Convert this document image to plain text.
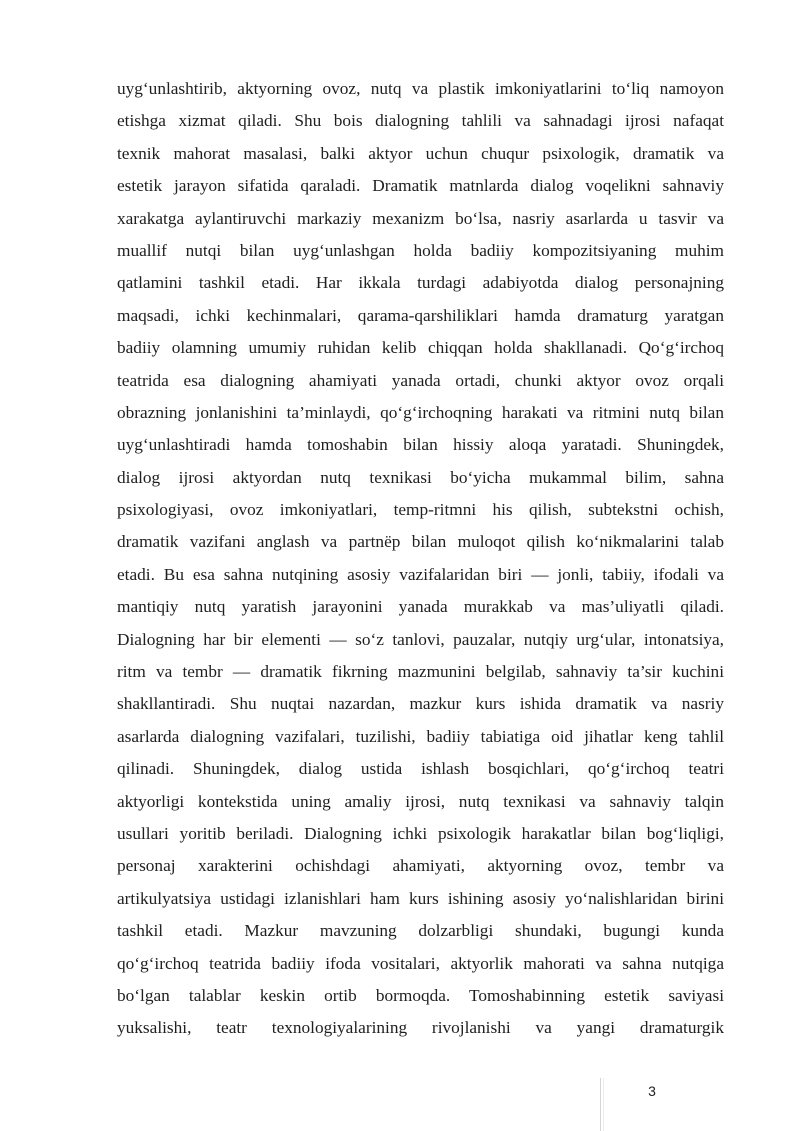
uyg‘unlashtirib, aktyorning ovoz, nutq va plastik imkoniyatlarini to‘liq namoyon
etishga xizmat qiladi. Shu bois dialogning tahlili va sahnadagi ijrosi nafaqat
texnik mahorat masalasi, balki aktyor uchun chuqur psixologik, dramatik va
estetik jarayon sifatida qaraladi. Dramatik matnlarda dialog voqelikni sahnaviy
xarakatga aylantiruvchi markaziy mexanizm bo‘lsa, nasriy asarlarda u tasvir va
muallif nutqi bilan uyg‘unlashgan holda badiiy kompozitsiyaning muhim
qatlamini tashkil etadi. Har ikkala turdagi adabiyotda dialog personajning
maqsadi, ichki kechinmalari, qarama-qarshiliklari hamda dramaturg yaratgan
badiiy olamning umumiy ruhidan kelib chiqqan holda shakllanadi. Qo‘g‘irchoq
teatrida esa dialogning ahamiyati yanada ortadi, chunki aktyor ovoz orqali
obrazning jonlanishini ta’minlaydi, qo‘g‘irchoqning harakati va ritmini nutq bilan
uyg‘unlashtiradi hamda tomoshabin bilan hissiy aloqa yaratadi. Shuningdek,
dialog ijrosi aktyordan nutq texnikasi bo‘yicha mukammal bilim, sahna
psixologiyasi, ovoz imkoniyatlari, temp-ritmni his qilish, subtekstni ochish,
dramatik vazifani anglash va partnёр bilan muloqot qilish ko‘nikmalarini talab
etadi. Bu esa sahna nutqining asosiy vazifalaridan biri — jonli, tabiiy, ifodali va
mantiqiy nutq yaratish jarayonini yanada murakkab va mas’uliyatli qiladi.
Dialogning har bir elementi — so‘z tanlovi, pauzalar, nutqiy urg‘ular, intonatsiya,
ritm va tembr — dramatik fikrning mazmunini belgilab, sahnaviy ta’sir kuchini
shakllantiradi. Shu nuqtai nazardan, mazkur kurs ishida dramatik va nasriy
asarlarda dialogning vazifalari, tuzilishi, badiiy tabiatiga oid jihatlar keng tahlil
qilinadi. Shuningdek, dialog ustida ishlash bosqichlari, qo‘g‘irchoq teatri
aktyorligi kontekstida uning amaliy ijrosi, nutq texnikasi va sahnaviy talqin
usullari yoritib beriladi. Dialogning ichki psixologik harakatlar bilan bog‘liqligi,
personaj xarakterini ochishdagi ahamiyati, aktyorning ovoz, tembr va
artikulyatsiya ustidagi izlanishlari ham kurs ishining asosiy yo‘nalishlaridan birini
tashkil etadi. Mazkur mavzuning dolzarbligi shundaki, bugungi kunda
qo‘g‘irchoq teatrida badiiy ifoda vositalari, aktyorlik mahorati va sahna nutqiga
bo‘lgan talablar keskin ortib bormoqda. Tomoshabinning estetik saviyasi
yuksalishi, teatr texnologiyalarining rivojlanishi va yangi dramaturgik
3
